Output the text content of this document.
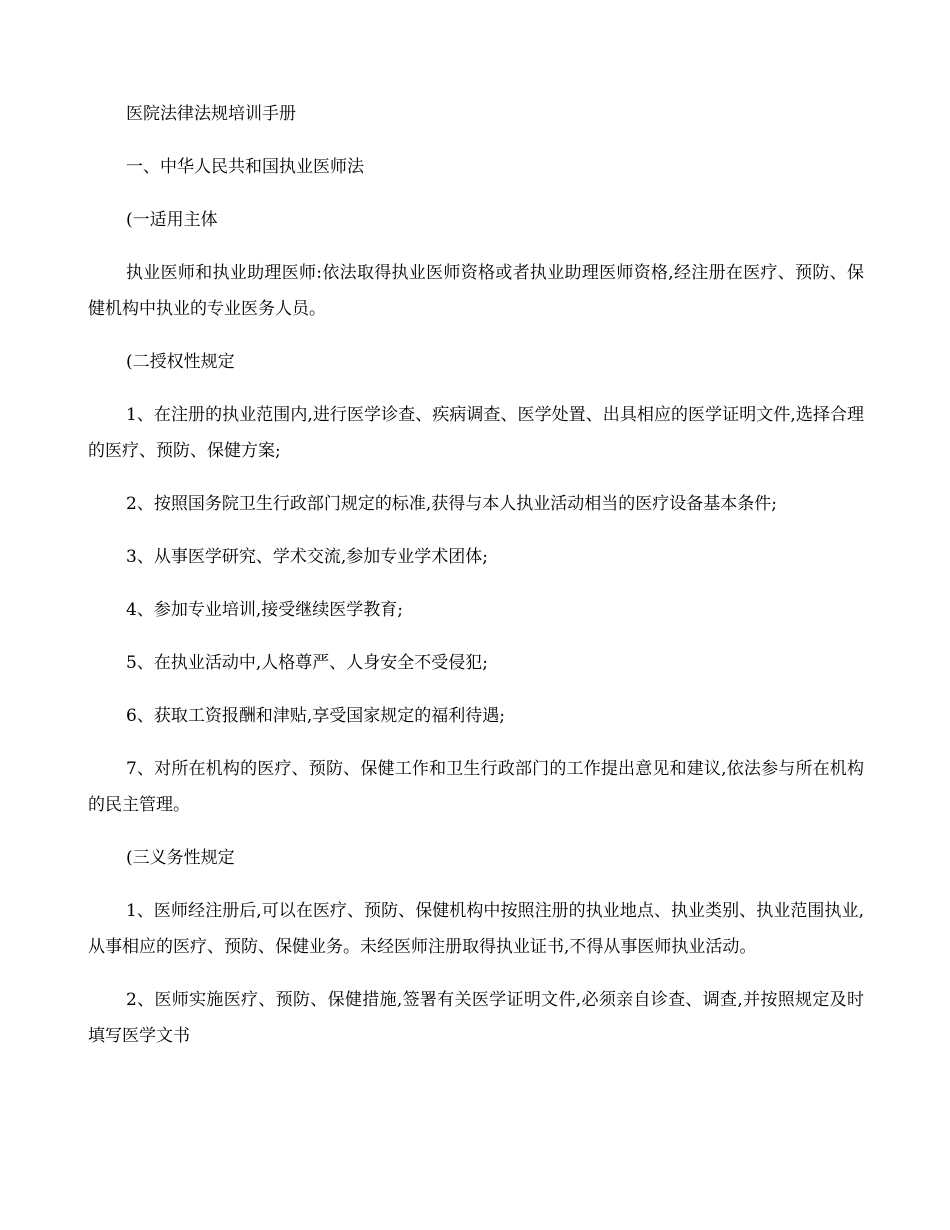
医院法律法规培训手册

一、中华人民共和国执业医师法

(一适用主体

执业医师和执业助理医师:依法取得执业医师资格或者执业助理医师资格,经注册在医疗、预防、保健机构中执业的专业医务人员。

(二授权性规定

1、在注册的执业范围内,进行医学诊查、疾病调查、医学处置、出具相应的医学证明文件,选择合理的医疗、预防、保健方案;

2、按照国务院卫生行政部门规定的标准,获得与本人执业活动相当的医疗设备基本条件;

3、从事医学研究、学术交流,参加专业学术团体;

4、参加专业培训,接受继续医学教育;

5、在执业活动中,人格尊严、人身安全不受侵犯;

6、获取工资报酬和津贴,享受国家规定的福利待遇;

7、对所在机构的医疗、预防、保健工作和卫生行政部门的工作提出意见和建议,依法参与所在机构的民主管理。

(三义务性规定

1、医师经注册后,可以在医疗、预防、保健机构中按照注册的执业地点、执业类别、执业范围执业,从事相应的医疗、预防、保健业务。未经医师注册取得执业证书,不得从事医师执业活动。

2、医师实施医疗、预防、保健措施,签署有关医学证明文件,必须亲自诊查、调查,并按照规定及时填写医学文书
